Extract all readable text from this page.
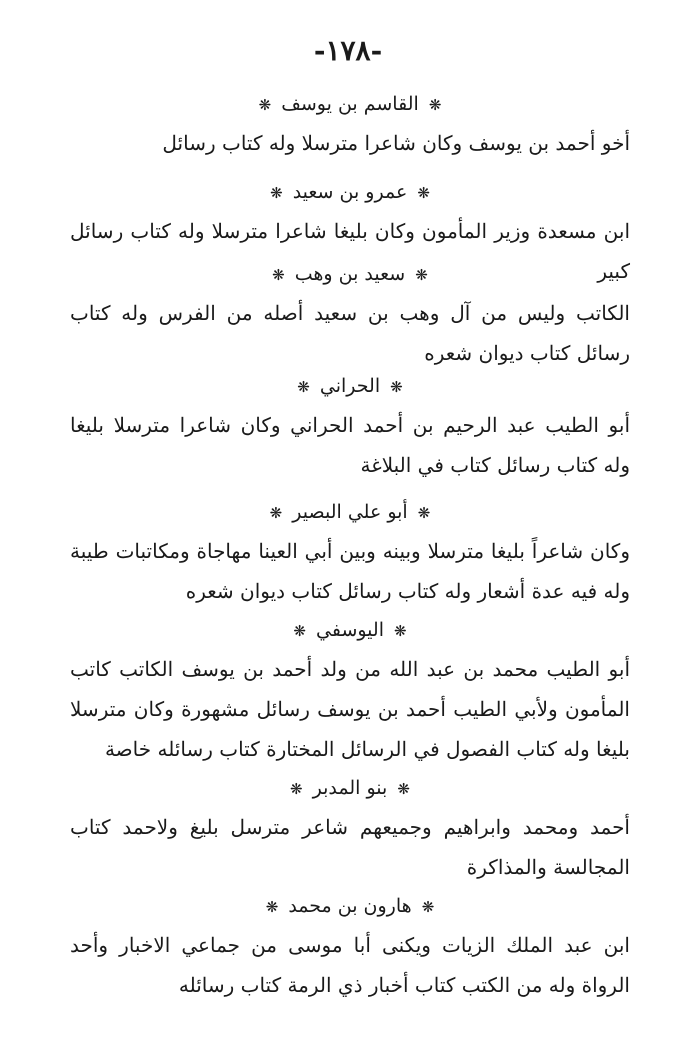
-١٧٨-
❋ القاسم بن يوسف ❋
أخو أحمد بن يوسف وكان شاعرا مترسلا وله كتاب رسائل
❋ عمرو بن سعيد ❋
ابن مسعدة وزير المأمون وكان بليغا شاعرا مترسلا وله كتاب رسائل كبير
❋ سعيد بن وهب ❋
الكاتب وليس من آل وهب بن سعيد أصله من الفرس وله كتاب رسائل كتاب ديوان شعره
❋ الحراني ❋
أبو الطيب عبد الرحيم بن أحمد الحراني وكان شاعرا مترسلا بليغا وله كتاب رسائل كتاب في البلاغة
❋ أبو علي البصير ❋
وكان شاعراً بليغا مترسلا وبينه وبين أبي العينا مهاجاة ومكاتبات طيبة وله فيه عدة أشعار وله كتاب رسائل كتاب ديوان شعره
❋ اليوسفي ❋
أبو الطيب محمد بن عبد الله من ولد أحمد بن يوسف الكاتب كاتب المأمون ولأبي الطيب أحمد بن يوسف رسائل مشهورة وكان مترسلا بليغا وله كتاب الفصول في الرسائل المختارة كتاب رسائله خاصة
❋ بنو المدبر ❋
أحمد ومحمد وابراهيم وجميعهم شاعر مترسل بليغ ولاحمد كتاب المجالسة والمذاكرة
❋ هارون بن محمد ❋
ابن عبد الملك الزيات ويكنى أبا موسى من جماعي الاخبار وأحد الرواة وله من الكتب كتاب أخبار ذي الرمة كتاب رسائله
